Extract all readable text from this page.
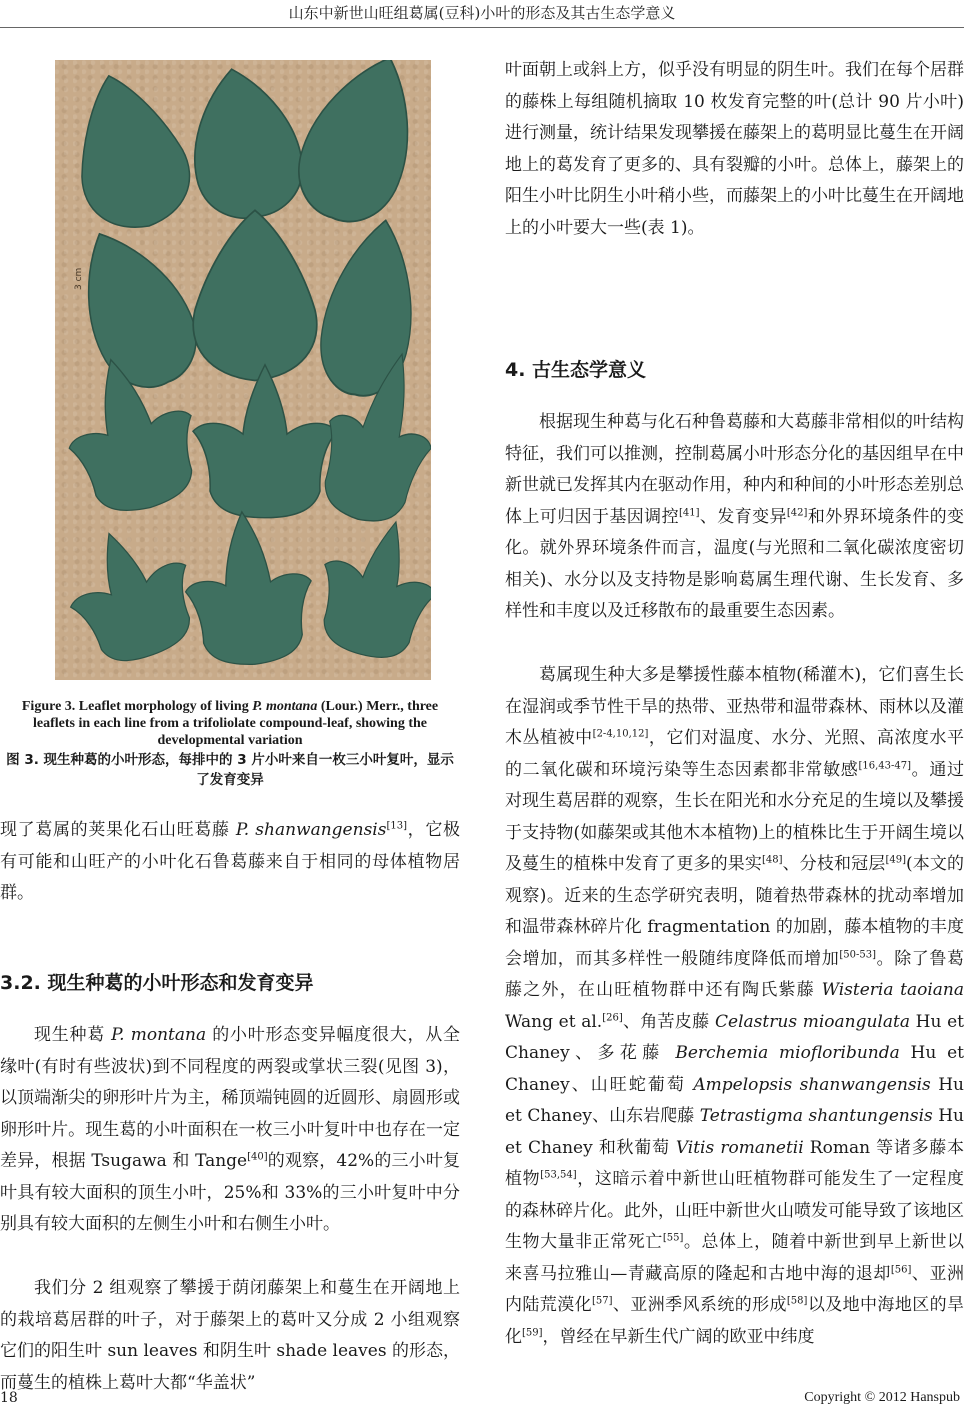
山东中新世山旺组葛属(豆科)小叶的形态及其古生态学意义
3 cm
Figure 3. Leaflet morphology of living P. montana (Lour.) Merr., three leaflets in each line from a trifoliolate compound-leaf, showing the developmental variation
图 3. 现生种葛的小叶形态，每排中的 3 片小叶来自一枚三小叶复叶，显示了发育变异

现了葛属的荚果化石山旺葛藤 P. shanwangensis[13]，它极有可能和山旺产的小叶化石鲁葛藤来自于相同的母体植物居群。

3.2. 现生种葛的小叶形态和发育变异

现生种葛 P. montana 的小叶形态变异幅度很大，从全缘叶(有时有些波状)到不同程度的两裂或掌状三裂(见图 3)，以顶端渐尖的卵形叶片为主，稀顶端钝圆的近圆形、扇圆形或卵形叶片。现生葛的小叶面积在一枚三小叶复叶中也存在一定差异，根据 Tsugawa 和 Tange[40]的观察，42%的三小叶复叶具有较大面积的顶生小叶，25%和 33%的三小叶复叶中分别具有较大面积的左侧生小叶和右侧生小叶。

我们分 2 组观察了攀援于荫闭藤架上和蔓生在开阔地上的栽培葛居群的叶子，对于藤架上的葛叶又分成 2 小组观察它们的阳生叶 sun leaves 和阴生叶 shade leaves 的形态，而蔓生的植株上葛叶大都“华盖状”

叶面朝上或斜上方，似乎没有明显的阴生叶。我们在每个居群的藤株上每组随机摘取 10 枚发育完整的叶(总计 90 片小叶)进行测量，统计结果发现攀援在藤架上的葛明显比蔓生在开阔地上的葛发育了更多的、具有裂瓣的小叶。总体上，藤架上的阳生小叶比阴生小叶稍小些，而藤架上的小叶比蔓生在开阔地上的小叶要大一些(表 1)。

4. 古生态学意义

根据现生种葛与化石种鲁葛藤和大葛藤非常相似的叶结构特征，我们可以推测，控制葛属小叶形态分化的基因组早在中新世就已发挥其内在驱动作用，种内和种间的小叶形态差别总体上可归因于基因调控[41]、发育变异[42]和外界环境条件的变化。就外界环境条件而言，温度(与光照和二氧化碳浓度密切相关)、水分以及支持物是影响葛属生理代谢、生长发育、多样性和丰度以及迁移散布的最重要生态因素。

葛属现生种大多是攀援性藤本植物(稀灌木)，它们喜生长在湿润或季节性干旱的热带、亚热带和温带森林、雨林以及灌木丛植被中[2-4,10,12]，它们对温度、水分、光照、高浓度水平的二氧化碳和环境污染等生态因素都非常敏感[16,43-47]。通过对现生葛居群的观察，生长在阳光和水分充足的生境以及攀援于支持物(如藤架或其他木本植物)上的植株比生于开阔生境以及蔓生的植株中发育了更多的果实[48]、分枝和冠层[49](本文的观察)。近来的生态学研究表明，随着热带森林的扰动率增加和温带森林碎片化 fragmentation 的加剧，藤本植物的丰度会增加，而其多样性一般随纬度降低而增加[50-53]。除了鲁葛藤之外，在山旺植物群中还有陶氏紫藤 Wisteria taoiana Wang et al.[26]、角苦皮藤 Celastrus mioangulata Hu et Chaney、多花藤 Berchemia miofloribunda Hu et Chaney、山旺蛇葡萄 Ampelopsis shanwangensis Hu et Chaney、山东岩爬藤 Tetrastigma shantungensis Hu et Chaney 和秋葡萄 Vitis romanetii Roman 等诸多藤本植物[53,54]，这暗示着中新世山旺植物群可能发生了一定程度的森林碎片化。此外，山旺中新世火山喷发可能导致了该地区生物大量非正常死亡[55]。总体上，随着中新世到早上新世以来喜马拉雅山—青藏高原的隆起和古地中海的退却[56]、亚洲内陆荒漠化[57]、亚洲季风系统的形成[58]以及地中海地区的旱化[59]，曾经在早新生代广阔的欧亚中纬度

18	Copyright © 2012 Hanspub
